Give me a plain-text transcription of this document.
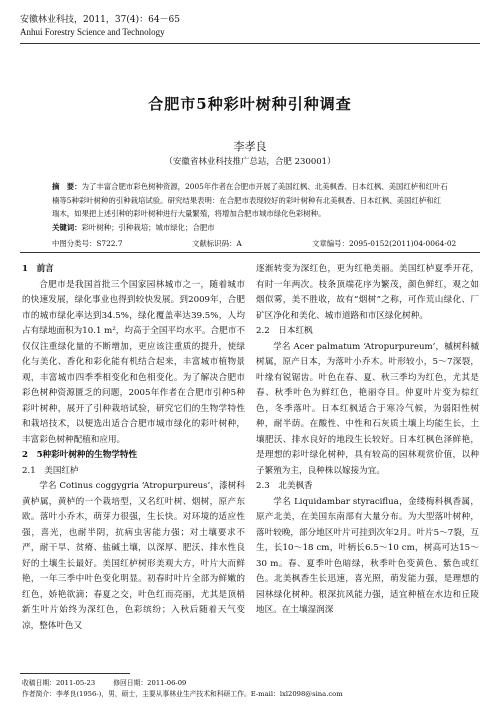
安徽林业科技，2011，37(4)：64－65
Anhui Forestry Science and Technology
合肥市5种彩叶树种引种调查
李孝良
（安徽省林业科技推广总站，合肥 230001）
摘　要：为了丰富合肥市彩色树种资源，2005年作者在合肥市开展了美国红枫、北美枫香、日本红枫、美国红栌和红叶石楠等5种彩叶树种的引种栽培试验。研究结果表明：在合肥市表现较好的彩叶树种有北美枫香、日本红枫、美国红栌和红瑞木，如果把上述引种的彩叶树种进行大量繁殖，将增加合肥市城市绿化色彩树种。
关键词：彩叶树种；引种栽培；城市绿化；合肥市
中图分类号：S722.7	文献标识码：A	文章编号：2095-0152(2011)04-0064-02
1　前言

合肥市是我国首批三个国家园林城市之一，随着城市的快速发展，绿化事业也得到较快发展。到2009年，合肥市的城市绿化率达到34.5%，绿化覆盖率达39.5%，人均占有绿地面积为10.1 m²，均高于全国平均水平。合肥市不仅仅注重绿化量的不断增加，更应该注重质的提升，使绿化与美化、香化和彩化能有机结合起来，丰富城市植物景观，丰富城市四季季相变化和色相变化。为了解决合肥市彩色树种资源匮乏的问题，2005年作者在合肥市引种5种彩叶树种，展开了引种栽培试验，研究它们的生物学特性和栽培技术，以便选出适合合肥市城市绿化的彩叶树种，丰富彩色树种配植和应用。

2　5种彩叶树种的生物学特性
2.1　美国红栌

学名 Cotinus coggygria ‘Atropurpureus’，漆树科黄栌属，黄栌的一个栽培型，又名红叶树、烟树，原产东欧。落叶小乔木，萌芽力很强，生长快。对环境的适应性强，喜光，也耐半阴，抗病虫害能力强；对土壤要求不严，耐干旱、贫瘠、盐碱土壤，以深厚、肥沃、排水性良好的土壤生长最好。美国红栌树形美观大方，叶片大而鲜艳，一年三季中叶色变化明显。初春时叶片全部为鲜嫩的红色，娇艳欲滴；春夏之交，叶色红而亮丽，尤其是顶梢新生叶片始终为深红色，色彩缤纷；入秋后随着天气变凉，整体叶色又

逐渐转变为深红色，更为红艳美丽。美国红栌夏季开花，有时一年两次。枝条顶端花序为繁茂，颜色鲜红，观之如烟似雾，美不胜收，故有“烟树”之称，可作荒山绿化、厂矿区净化和美化、城市道路和市区绿化树种。

2.2　日本红枫

学名 Acer palmatum ‘Atropurpureum’，槭树科槭树属，原产日本，为落叶小乔木。叶形较小，5～7深裂，叶缘有锐锯齿。叶色在春、夏、秋三季均为红色，尤其是春、秋季叶色为鲜红色，艳丽夺目。仲夏叶片变为棕红色，冬季落叶。日本红枫适合于寒冷气候，为弱阳性树种，耐半荫。在酸性、中性和石灰质土壤上均能生长，土壤肥沃、排水良好的地段生长较好。日本红枫色泽鲜艳，是理想的彩叶绿化树种，具有较高的园林观赏价值，以种子繁殖为主，良种株以嫁接为宜。

2.3　北美枫香

学名 Liquidambar styraciflua，金缕梅科枫香属，原产北美，在美国东南部有大量分布。为大型落叶树种，落叶较晚，部分地区叶片可挂到次年2月。叶片5～7裂，互生，长10～18 cm，叶柄长6.5～10 cm，树高可达15～30 m。春、夏季叶色暗绿，秋季叶色变黄色、紫色或红色。北美枫香生长迅速，喜光照，萌发能力强，是理想的园林绿化树种。根深抗风能力强，适宜种植在水边和丘陵地区。在土壤湿润深

收稿日期：2011-05-23	修回日期：2011-06-09
作者简介：李孝良(1956-)，男，硕士，主要从事林业生产技术和科研工作。E-mail：lxl2098@sina.com
